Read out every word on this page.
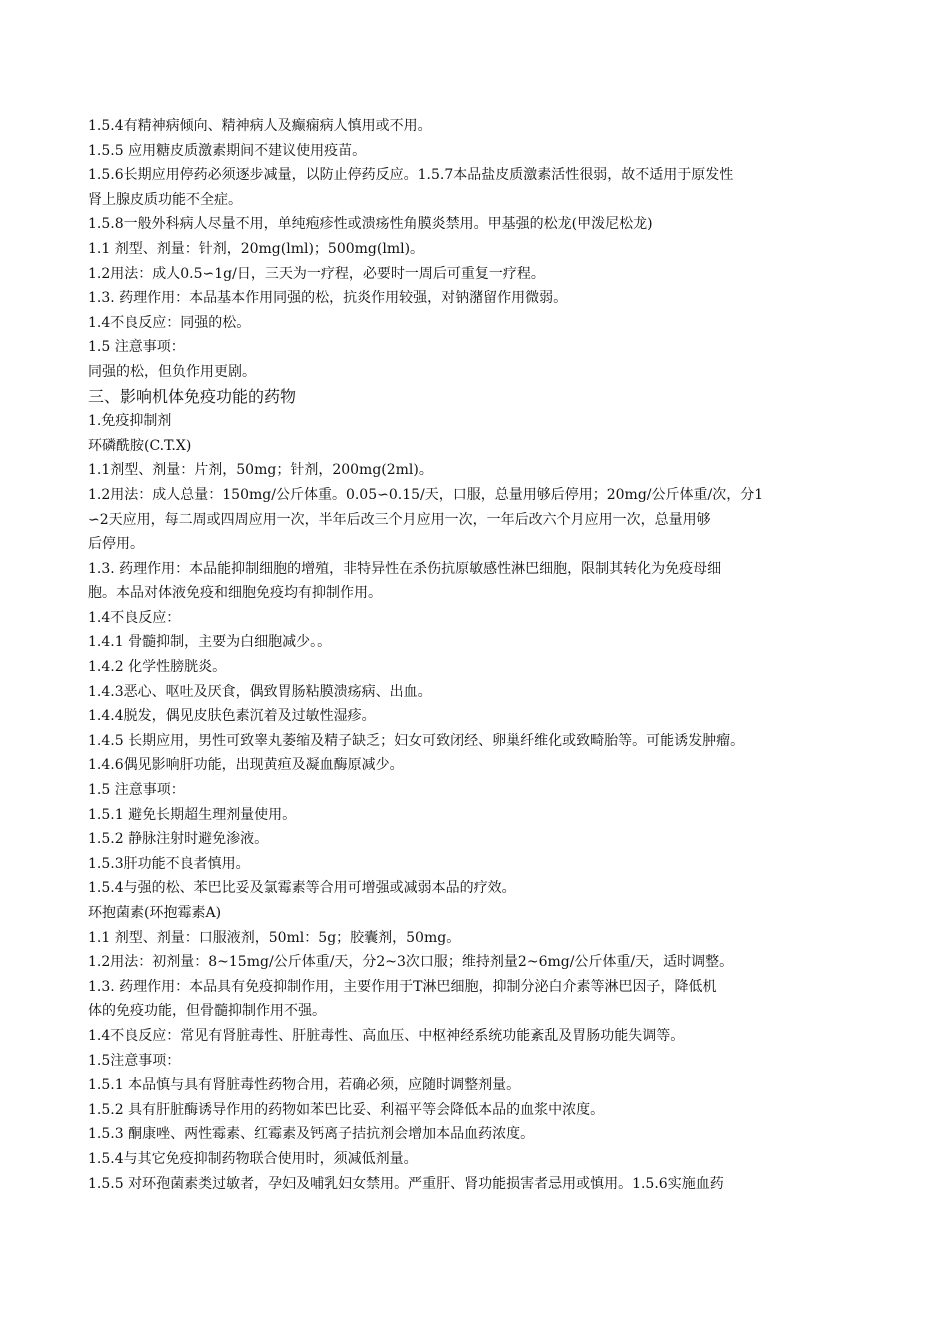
1.5.4有精神病倾向、精神病人及癫痫病人慎用或不用。
1.5.5 应用糖皮质激素期间不建议使用疫苗。
1.5.6长期应用停药必须逐步减量，以防止停药反应。1.5.7本品盐皮质激素活性很弱，故不适用于原发性
肾上腺皮质功能不全症。
1.5.8一般外科病人尽量不用，单纯疱疹性或溃疡性角膜炎禁用。甲基强的松龙(甲泼尼松龙)
1.1 剂型、剂量：针剂，20mg(lml)；500mg(lml)。
1.2用法：成人0.5∽1g/日，三天为一疗程，必要时一周后可重复一疗程。
1.3. 药理作用：本品基本作用同强的松，抗炎作用较强，对钠潴留作用微弱。
1.4不良反应：同强的松。
1.5 注意事项：
同强的松，但负作用更剧。
三、影响机体免疫功能的药物
1.免疫抑制剂
环磷酰胺(C.T.X)
1.1剂型、剂量：片剂，50mg；针剂，200mg(2ml)。
1.2用法：成人总量：150mg/公斤体重。0.05∽0.15/天，口服，总量用够后停用；20mg/公斤体重/次，分1
∽2天应用，每二周或四周应用一次，半年后改三个月应用一次，一年后改六个月应用一次，总量用够
后停用。
1.3. 药理作用：本品能抑制细胞的增殖，非特异性在杀伤抗原敏感性淋巴细胞，限制其转化为免疫母细
胞。本品对体液免疫和细胞免疫均有抑制作用。
1.4不良反应：
1.4.1 骨髓抑制，主要为白细胞减少。。
1.4.2 化学性膀胱炎。
1.4.3恶心、呕吐及厌食，偶致胃肠粘膜溃疡病、出血。
1.4.4脱发，偶见皮肤色素沉着及过敏性湿疹。
1.4.5 长期应用，男性可致睾丸萎缩及精子缺乏；妇女可致闭经、卵巢纤维化或致畸胎等。可能诱发肿瘤。
1.4.6偶见影响肝功能，出现黄疸及凝血酶原减少。
1.5 注意事项：
1.5.1 避免长期超生理剂量使用。
1.5.2 静脉注射时避免渗液。
1.5.3肝功能不良者慎用。
1.5.4与强的松、苯巴比妥及氯霉素等合用可增强或减弱本品的疗效。
环抱菌素(环抱霉素A)
1.1 剂型、剂量：口服液剂，50ml：5g；胶囊剂，50mg。
1.2用法：初剂量：8~15mg/公斤体重/天，分2~3次口服；维持剂量2~6mg/公斤体重/天，适时调整。
1.3. 药理作用：本品具有免疫抑制作用，主要作用于T淋巴细胞，抑制分泌白介素等淋巴因子，降低机
体的免疫功能，但骨髓抑制作用不强。
1.4不良反应：常见有肾脏毒性、肝脏毒性、高血压、中枢神经系统功能紊乱及胃肠功能失调等。
1.5注意事项：
1.5.1 本品慎与具有肾脏毒性药物合用，若确必须，应随时调整剂量。
1.5.2 具有肝脏酶诱导作用的药物如苯巴比妥、利福平等会降低本品的血浆中浓度。
1.5.3 酮康唑、两性霉素、红霉素及钙离子拮抗剂会增加本品血药浓度。
1.5.4与其它免疫抑制药物联合使用时，须减低剂量。
1.5.5 对环孢菌素类过敏者，孕妇及哺乳妇女禁用。严重肝、肾功能损害者忌用或慎用。1.5.6实施血药
